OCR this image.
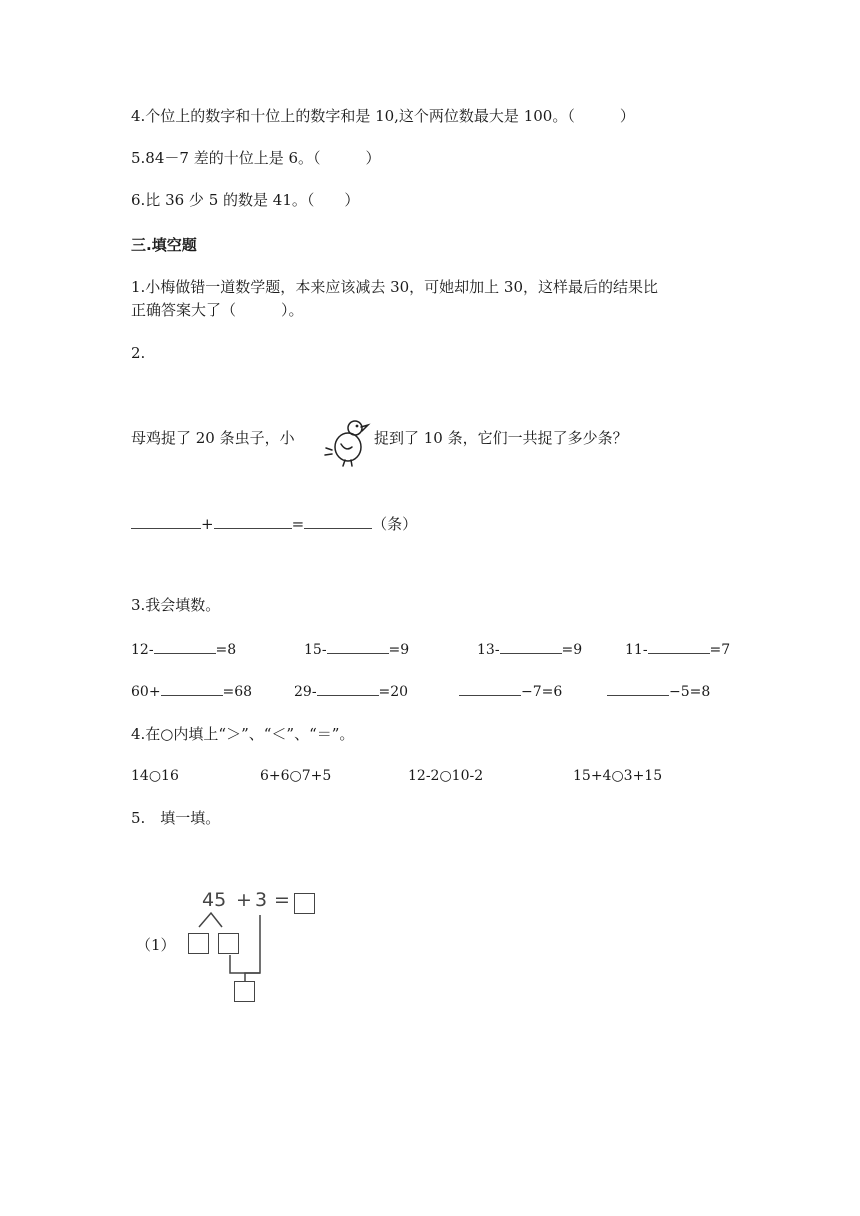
4.个位上的数字和十位上的数字和是 10,这个两位数最大是 100。（　　　）
5.84－7 差的十位上是 6。（　　　）
6.比 36 少 5 的数是 41。（　　）
三.填空题
1.小梅做错一道数学题，本来应该减去 30，可她却加上 30，这样最后的结果比
正确答案大了（　　　）。
2.
母鸡捉了 20 条虫子，小	捉到了 10 条，它们一共捉了多少条？
+	=	（条）
3.我会填数。
12-	=8	15-	=9	13-	=9	11-	=7
60+	=68	29-	=20	−7=6	−5=8
4.在○内填上“＞”、“＜”、“＝”。
14○16	6+6○7+5	12-2○10-2	15+4○3+15
5.　填一填。
45 + 3 =
（1）
